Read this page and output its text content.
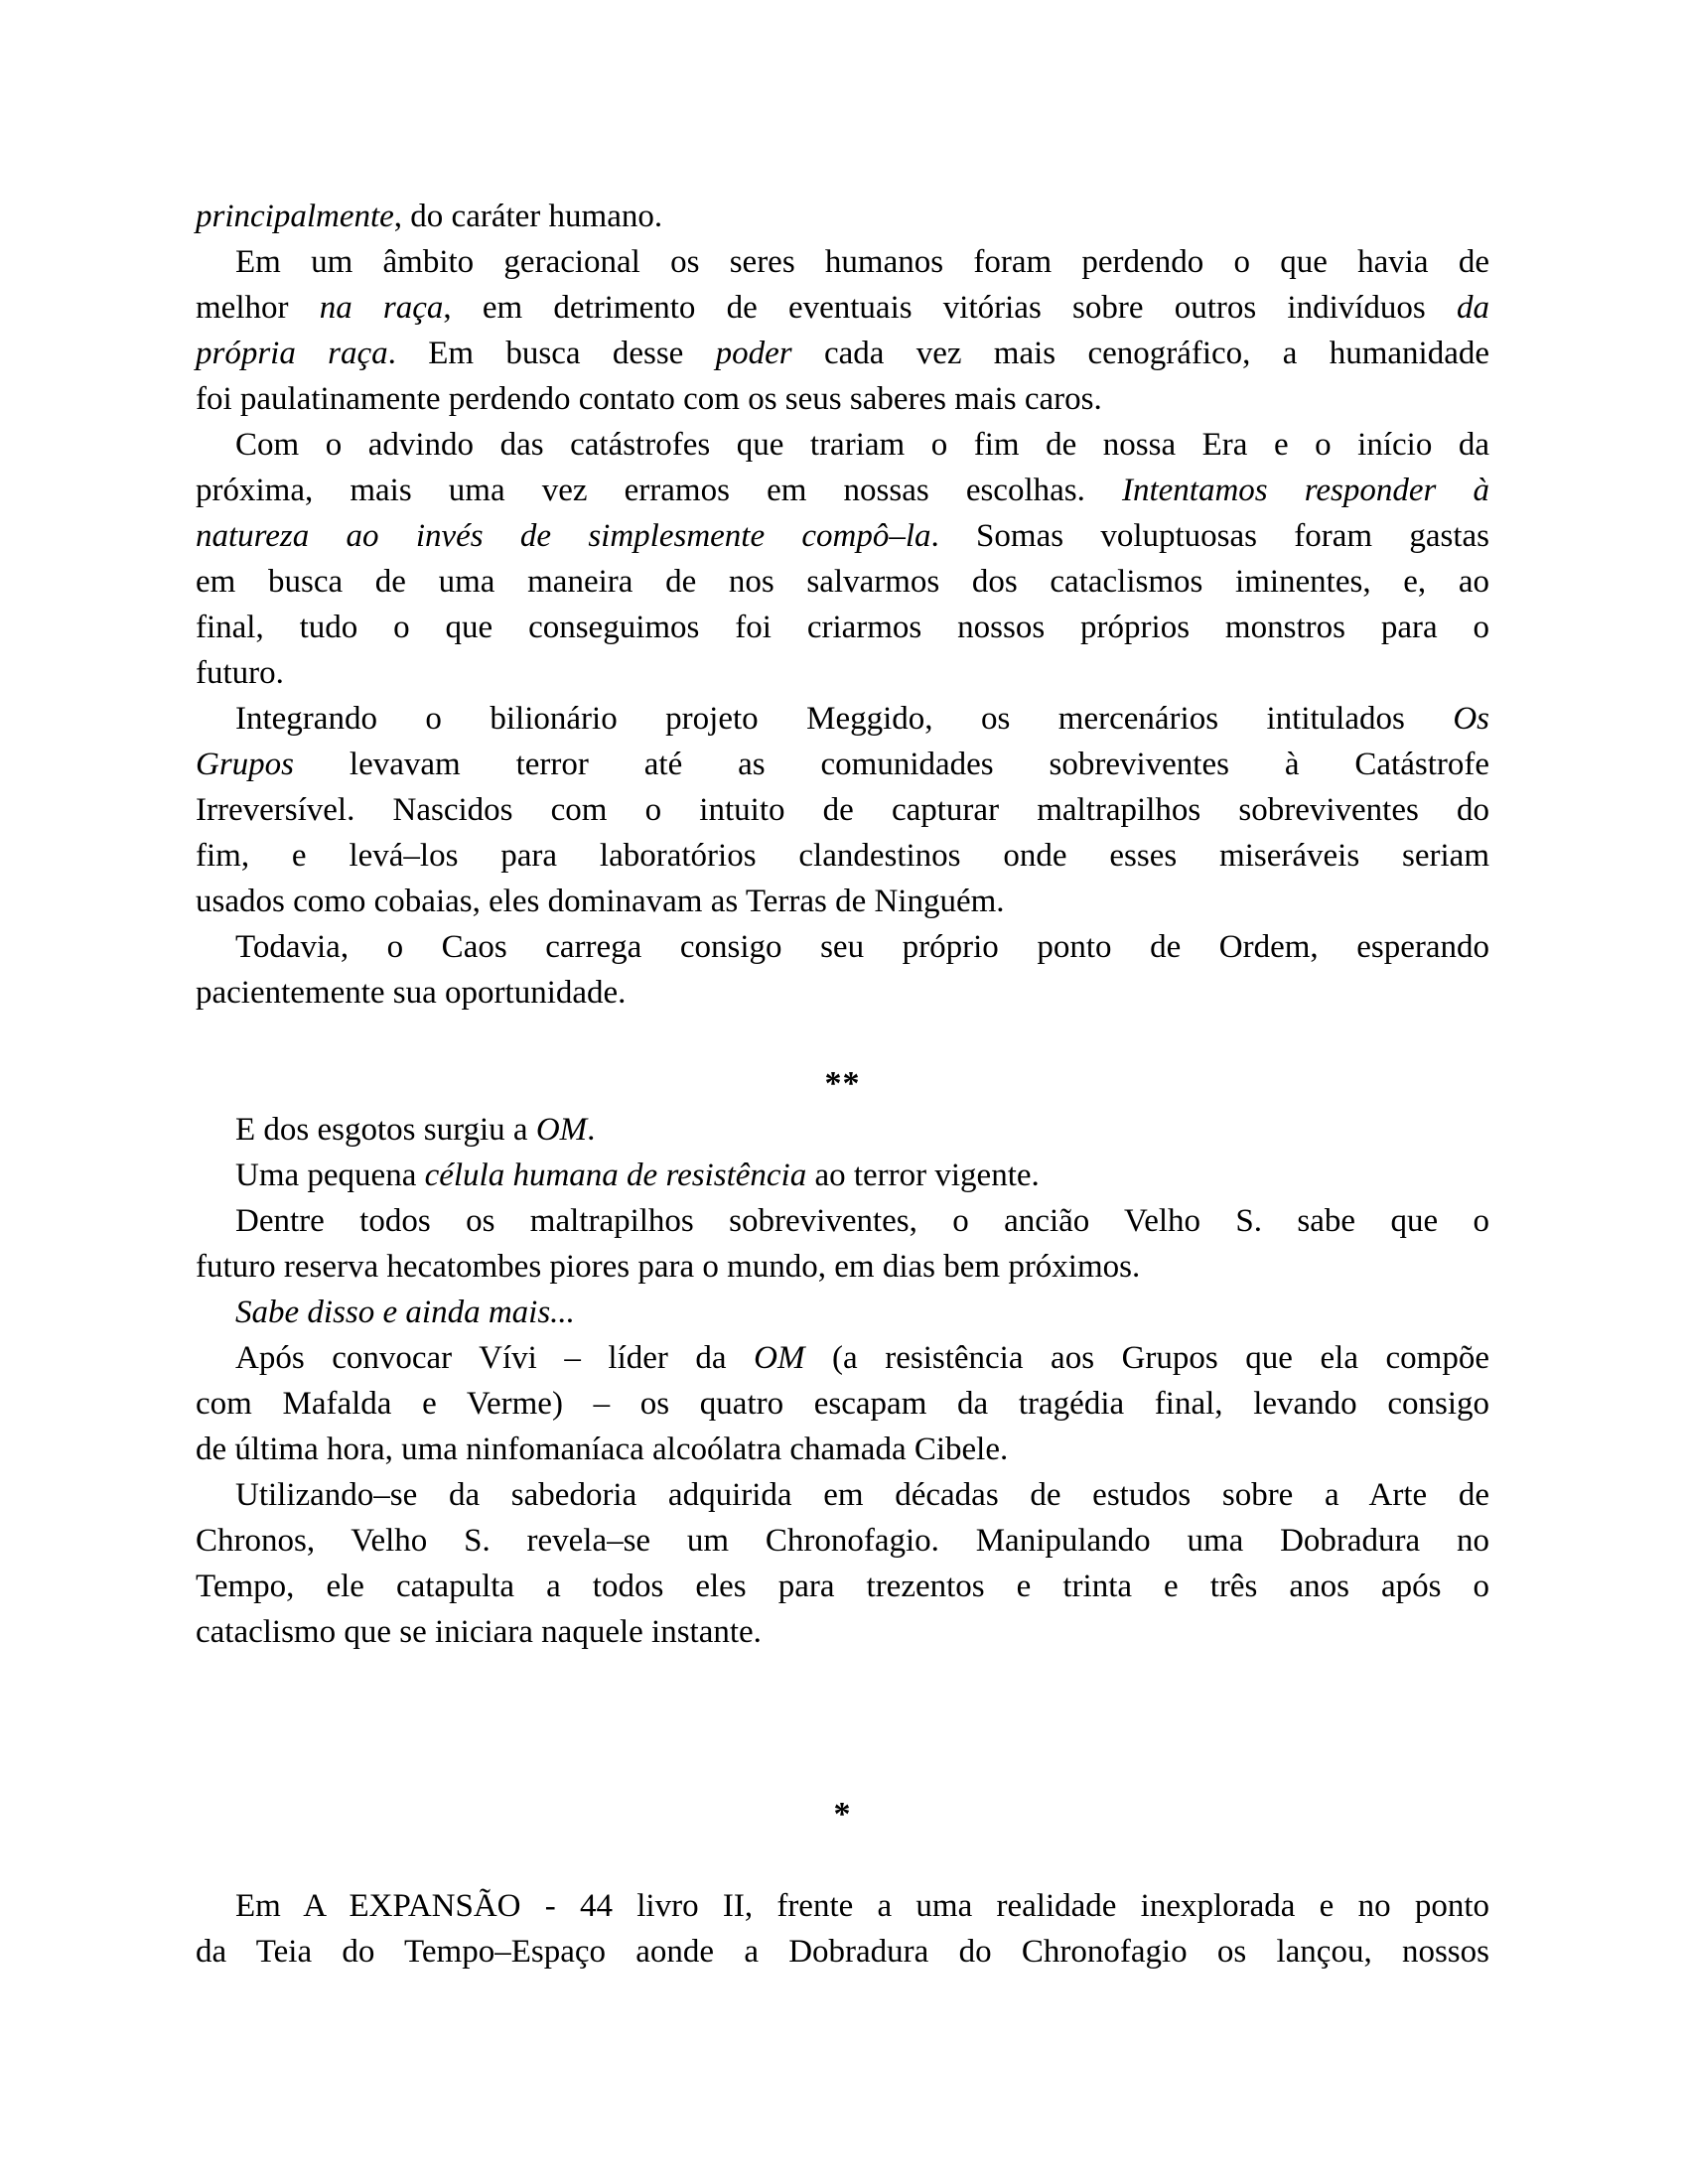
principalmente, do caráter humano.
Em um âmbito geracional os seres humanos foram perdendo o que havia de
melhor na raça, em detrimento de eventuais vitórias sobre outros indivíduos da
própria raça. Em busca desse poder cada vez mais cenográfico, a humanidade
foi paulatinamente perdendo contato com os seus saberes mais caros.
Com o advindo das catástrofes que trariam o fim de nossa Era e o início da
próxima, mais uma vez erramos em nossas escolhas. Intentamos responder à
natureza ao invés de simplesmente compô–la. Somas voluptuosas foram gastas
em busca de uma maneira de nos salvarmos dos cataclismos iminentes, e, ao
final, tudo o que conseguimos foi criarmos nossos próprios monstros para o
futuro.
Integrando o bilionário projeto Meggido, os mercenários intitulados Os
Grupos levavam terror até as comunidades sobreviventes à Catástrofe
Irreversível. Nascidos com o intuito de capturar maltrapilhos sobreviventes do
fim, e levá–los para laboratórios clandestinos onde esses miseráveis seriam
usados como cobaias, eles dominavam as Terras de Ninguém.
Todavia, o Caos carrega consigo seu próprio ponto de Ordem, esperando
pacientemente sua oportunidade.
**
E dos esgotos surgiu a OM.
Uma pequena célula humana de resistência ao terror vigente.
Dentre todos os maltrapilhos sobreviventes, o ancião Velho S. sabe que o
futuro reserva hecatombes piores para o mundo, em dias bem próximos.
Sabe disso e ainda mais...
Após convocar Vívi – líder da OM (a resistência aos Grupos que ela compõe
com Mafalda e Verme) – os quatro escapam da tragédia final, levando consigo
de última hora, uma ninfomaníaca alcoólatra chamada Cibele.
Utilizando–se da sabedoria adquirida em décadas de estudos sobre a Arte de
Chronos, Velho S. revela–se um Chronofagio. Manipulando uma Dobradura no
Tempo, ele catapulta a todos eles para trezentos e trinta e três anos após o
cataclismo que se iniciara naquele instante.
*
Em A EXPANSÃO - 44 livro II, frente a uma realidade inexplorada e no ponto
da Teia do Tempo–Espaço aonde a Dobradura do Chronofagio os lançou, nossos
